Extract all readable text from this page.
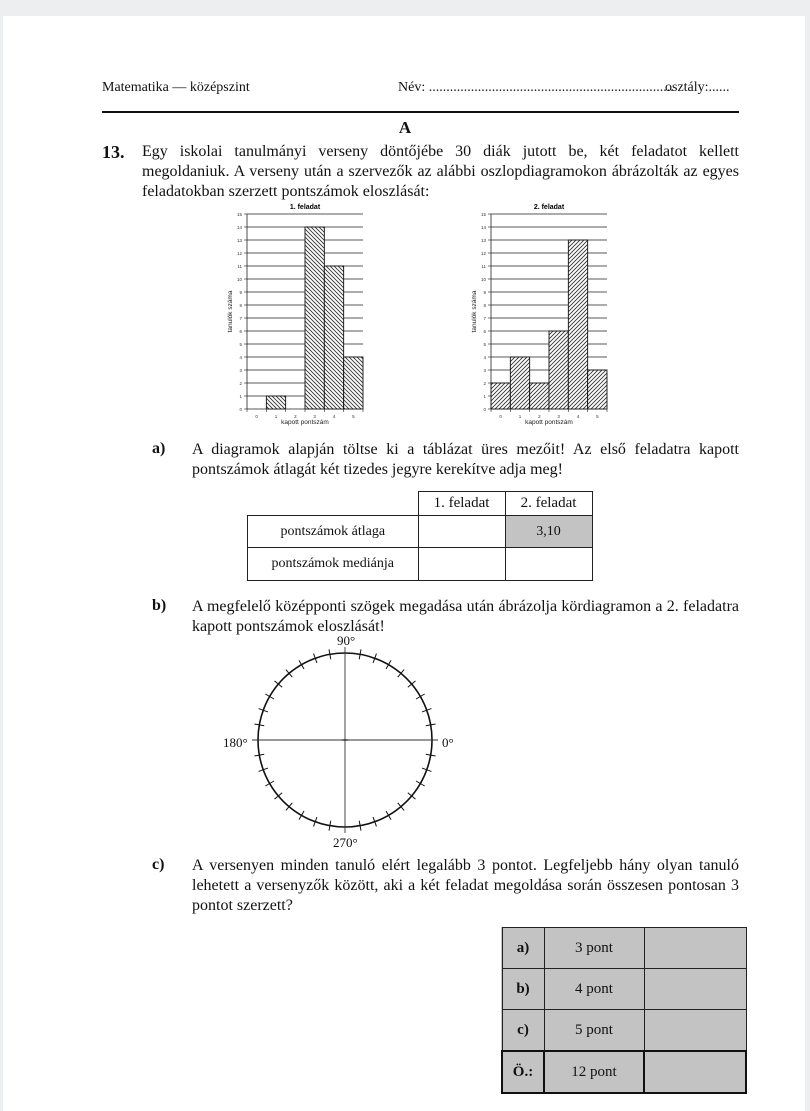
Matematika — középszint	Név: ......................................................................
osztály:......
A
13. Egy iskolai tanulmányi verseny döntőjébe 30 diák jutott be, két feladatot kellett megoldaniuk. A verseny után a szervezők az alábbi oszlopdiagramokon ábrázolták az egyes feladatokban szerzett pontszámok eloszlását:
1. feladat
0
1
2
3
4
5
6
7
8
9
10
11
12
13
14
15
0	1	2	3	4	5
kapott pontszám
tanulók száma
2. feladat
0
1
2
3
4
5
6
7
8
9
10
11
12
13
14
15
0	1	2	3	4	5
kapott pontszám
tanulók száma
a) A diagramok alapján töltse ki a táblázat üres mezőit! Az első feladatra kapott pontszámok átlagát két tizedes jegyre kerekítve adja meg!
	1. feladat	2. feladat
pontszámok átlaga		3,10
pontszámok mediánja		
b) A megfelelő középponti szögek megadása után ábrázolja kördiagramon a 2. feladatra kapott pontszámok eloszlását!
90°
180°	0°
270°
c) A versenyen minden tanuló elért legalább 3 pontot. Legfeljebb hány olyan tanuló lehetett a versenyzők között, aki a két feladat megoldása során összesen pontosan 3 pontot szerzett?
a)	3 pont	
b)	4 pont	
c)	5 pont	
Ö.:	12 pont	
